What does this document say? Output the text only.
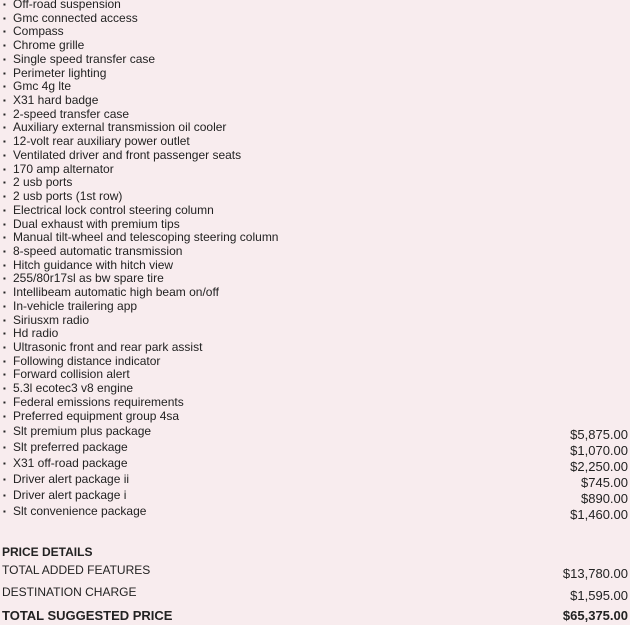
▪ Off-road suspension
▪ Gmc connected access
▪ Compass
▪ Chrome grille
▪ Single speed transfer case
▪ Perimeter lighting
▪ Gmc 4g lte
▪ X31 hard badge
▪ 2-speed transfer case
▪ Auxiliary external transmission oil cooler
▪ 12-volt rear auxiliary power outlet
▪ Ventilated driver and front passenger seats
▪ 170 amp alternator
▪ 2 usb ports
▪ 2 usb ports (1st row)
▪ Electrical lock control steering column
▪ Dual exhaust with premium tips
▪ Manual tilt-wheel and telescoping steering column
▪ 8-speed automatic transmission
▪ Hitch guidance with hitch view
▪ 255/80r17sl as bw spare tire
▪ Intellibeam automatic high beam on/off
▪ In-vehicle trailering app
▪ Siriusxm radio
▪ Hd radio
▪ Ultrasonic front and rear park assist
▪ Following distance indicator
▪ Forward collision alert
▪ 5.3l ecotec3 v8 engine
▪ Federal emissions requirements
▪ Preferred equipment group 4sa
▪ Slt premium plus package	$5,875.00
▪ Slt preferred package	$1,070.00
▪ X31 off-road package	$2,250.00
▪ Driver alert package ii	$745.00
▪ Driver alert package i	$890.00
▪ Slt convenience package	$1,460.00
PRICE DETAILS
TOTAL ADDED FEATURES	$13,780.00
DESTINATION CHARGE	$1,595.00
TOTAL SUGGESTED PRICE	$65,375.00
